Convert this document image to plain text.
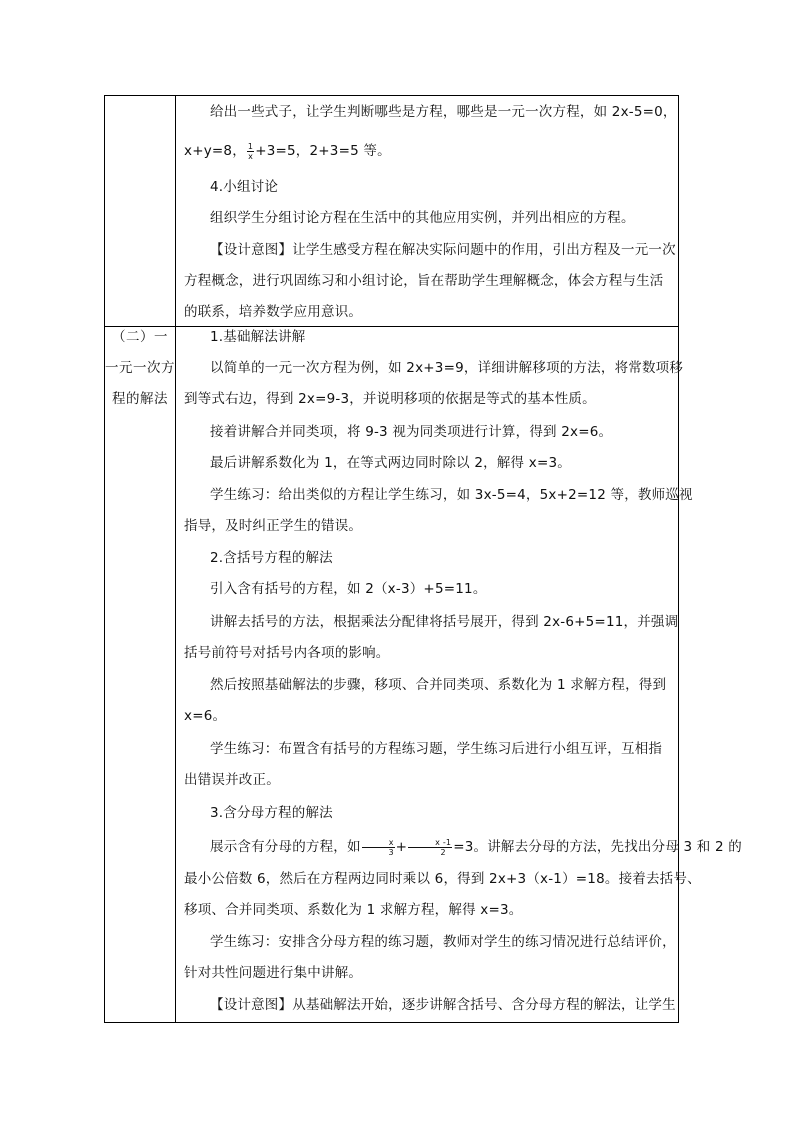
给出一些式子，让学生判断哪些是方程，哪些是一元一次方程，如 2x-5=0，
x+y=8， $\frac{1}{x} +3=5$，2+3=5 等。
4.小组讨论
组织学生分组讨论方程在生活中的其他应用实例，并列出相应的方程。
【设计意图】让学生感受方程在解决实际问题中的作用，引出方程及一元一次
方程概念，进行巩固练习和小组讨论，旨在帮助学生理解概念，体会方程与生活
的联系，培养数学应用意识。
（二）一
一元一次方
程的解法
1.基础解法讲解
以简单的一元一次方程为例，如 2x+3=9，详细讲解移项的方法，将常数项移
到等式右边，得到 2x=9-3，并说明移项的依据是等式的基本性质。
接着讲解合并同类项，将 9-3 视为同类项进行计算，得到 2x=6。
最后讲解系数化为 1，在等式两边同时除以 2，解得 x=3。
学生练习：给出类似的方程让学生练习，如 3x-5=4，5x+2=12 等，教师巡视
指导，及时纠正学生的错误。
2.含括号方程的解法
引入含有括号的方程，如 2（x-3）+5=11。
讲解去括号的方法，根据乘法分配律将括号展开，得到 2x-6+5=11，并强调
括号前符号对括号内各项的影响。
然后按照基础解法的步骤，移项、合并同类项、系数化为 1 求解方程，得到
x=6。
学生练习：布置含有括号的方程练习题，学生练习后进行小组互评，互相指
出错误并改正。
3.含分母方程的解法
展示含有分母的方程，如 $\frac{x}{3} + \frac{x -1}{2} =3$。讲解去分母的方法，先找出分母 3 和 2 的
最小公倍数 6，然后在方程两边同时乘以 6，得到 2x+3（x-1）=18。接着去括号、
移项、合并同类项、系数化为 1 求解方程，解得 x=3。
学生练习：安排含分母方程的练习题，教师对学生的练习情况进行总结评价，
针对共性问题进行集中讲解。
【设计意图】从基础解法开始，逐步讲解含括号、含分母方程的解法，让学生
